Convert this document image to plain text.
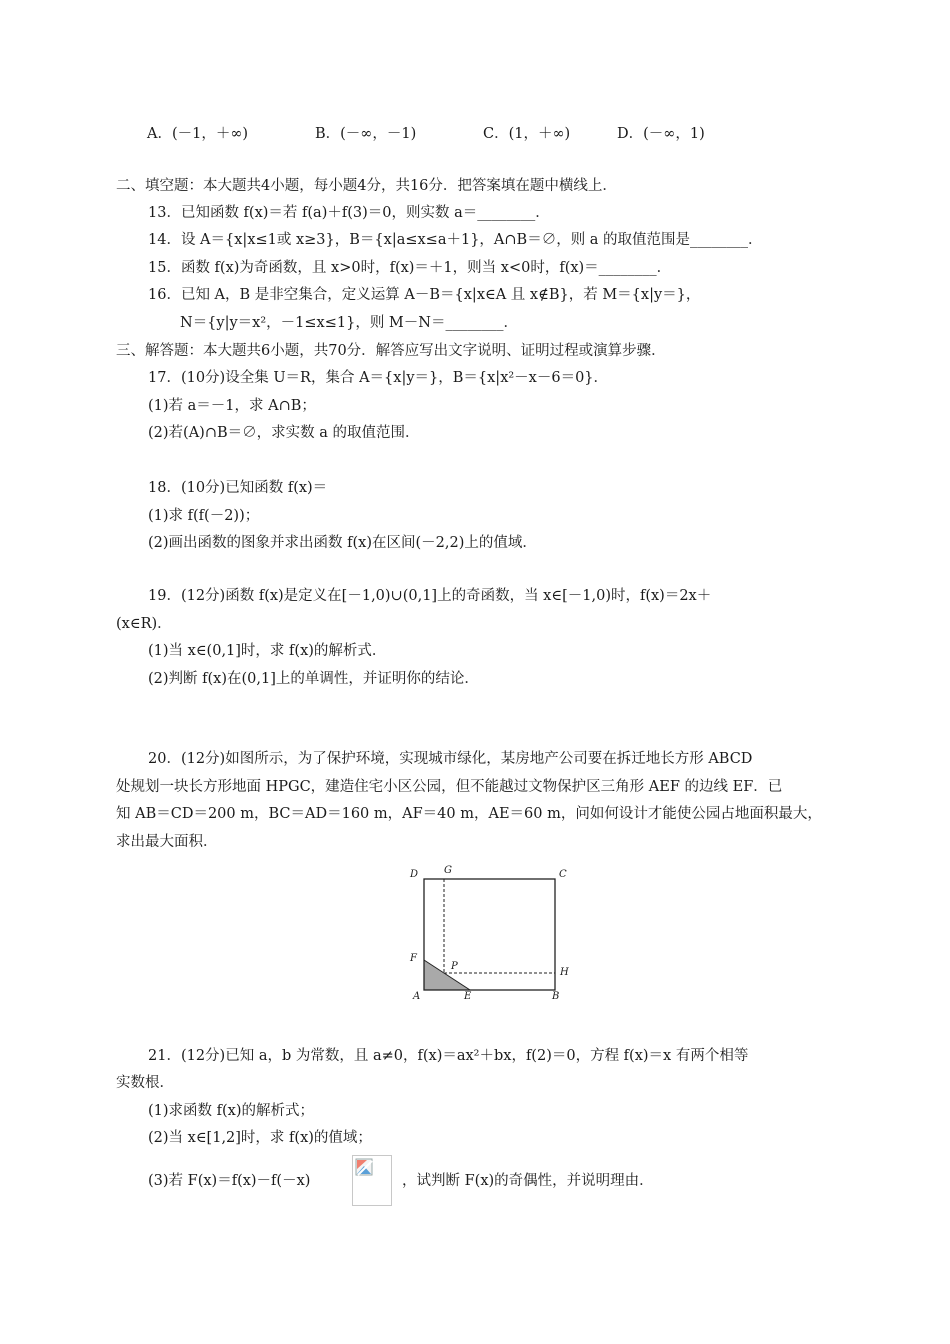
A．(－1，＋∞)	B．(－∞，－1)	C．(1，＋∞)	D．(－∞，1)
二、填空题：本大题共4小题，每小题4分，共16分．把答案填在题中横线上．
13．已知函数 f(x)＝若 f(a)＋f(3)＝0，则实数 a＝________．
14．设 A＝{x|x≤1或 x≥3}，B＝{x|a≤x≤a＋1}，A∩B＝∅，则 a 的取值范围是________．
15．函数 f(x)为奇函数，且 x>0时，f(x)＝＋1，则当 x<0时，f(x)＝________．
16．已知 A，B 是非空集合，定义运算 A－B＝{x|x∈A 且 x∉B}，若 M＝{x|y＝}，
N＝{y|y＝x²，－1≤x≤1}，则 M－N＝________．
三、解答题：本大题共6小题，共70分．解答应写出文字说明、证明过程或演算步骤．
17．(10分)设全集 U＝R，集合 A＝{x|y＝}，B＝{x|x²－x－6＝0}．
(1)若 a＝－1，求 A∩B；
(2)若(A)∩B＝∅，求实数 a 的取值范围．
18．(10分)已知函数 f(x)＝
(1)求 f(f(－2))；
(2)画出函数的图象并求出函数 f(x)在区间(－2,2)上的值域．
19．(12分)函数 f(x)是定义在[－1,0)∪(0,1]上的奇函数，当 x∈[－1,0)时，f(x)＝2x＋
(x∈R)．
(1)当 x∈(0,1]时，求 f(x)的解析式．
(2)判断 f(x)在(0,1]上的单调性，并证明你的结论．
20．(12分)如图所示，为了保护环境，实现城市绿化，某房地产公司要在拆迁地长方形 ABCD
处规划一块长方形地面 HPGC，建造住宅小区公园，但不能越过文物保护区三角形 AEF 的边线 EF．已
知 AB＝CD＝200 m，BC＝AD＝160 m，AF＝40 m，AE＝60 m，问如何设计才能使公园占地面积最大，
求出最大面积．
D	G	C
F
P
H
A	E	B
21．(12分)已知 a，b 为常数，且 a≠0，f(x)＝ax²＋bx，f(2)＝0，方程 f(x)＝x 有两个相等
实数根．
(1)求函数 f(x)的解析式；
(2)当 x∈[1,2]时，求 f(x)的值域；
(3)若 F(x)＝f(x)－f(－x)	，试判断 F(x)的奇偶性，并说明理由．
